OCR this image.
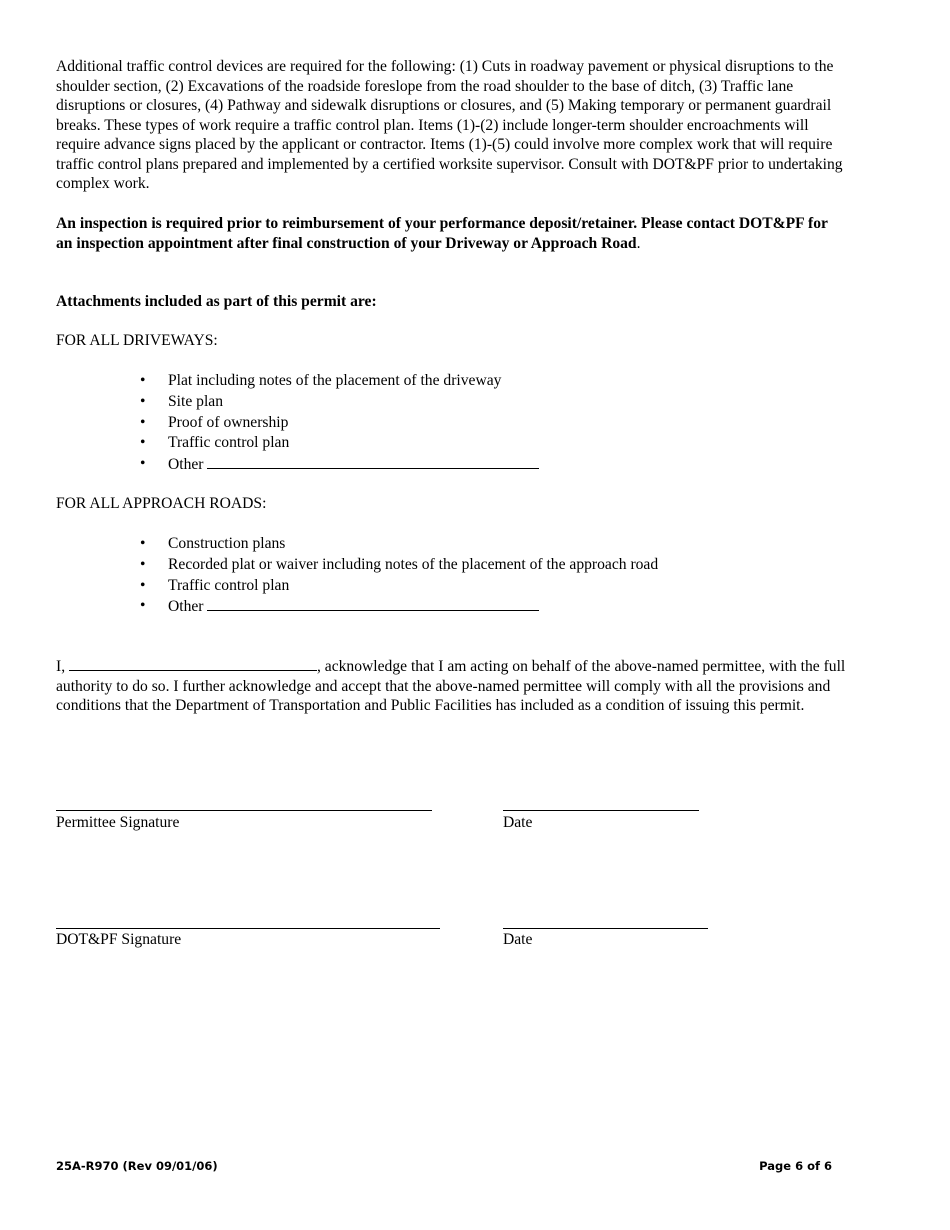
Additional traffic control devices are required for the following: (1) Cuts in roadway pavement or physical disruptions to the shoulder section, (2) Excavations of the roadside foreslope from the road shoulder to the base of ditch, (3) Traffic lane disruptions or closures, (4) Pathway and sidewalk disruptions or closures, and (5) Making temporary or permanent guardrail breaks. These types of work require a traffic control plan. Items (1)-(2) include longer-term shoulder encroachments will require advance signs placed by the applicant or contractor. Items (1)-(5) could involve more complex work that will require traffic control plans prepared and implemented by a certified worksite supervisor. Consult with DOT&PF prior to undertaking complex work.
An inspection is required prior to reimbursement of your performance deposit/retainer. Please contact DOT&PF for an inspection appointment after final construction of your Driveway or Approach Road.
Attachments included as part of this permit are:
FOR ALL DRIVEWAYS:
• Plat including notes of the placement of the driveway
• Site plan
• Proof of ownership
• Traffic control plan
• Other
FOR ALL APPROACH ROADS:
• Construction plans
• Recorded plat or waiver including notes of the placement of the approach road
• Traffic control plan
• Other
I,	, acknowledge that I am acting on behalf of the above-named permittee, with the full authority to do so. I further acknowledge and accept that the above-named permittee will comply with all the provisions and conditions that the Department of Transportation and Public Facilities has included as a condition of issuing this permit.
Permittee Signature	Date
DOT&PF Signature	Date
25A-R970 (Rev 09/01/06)	Page 6 of 6
